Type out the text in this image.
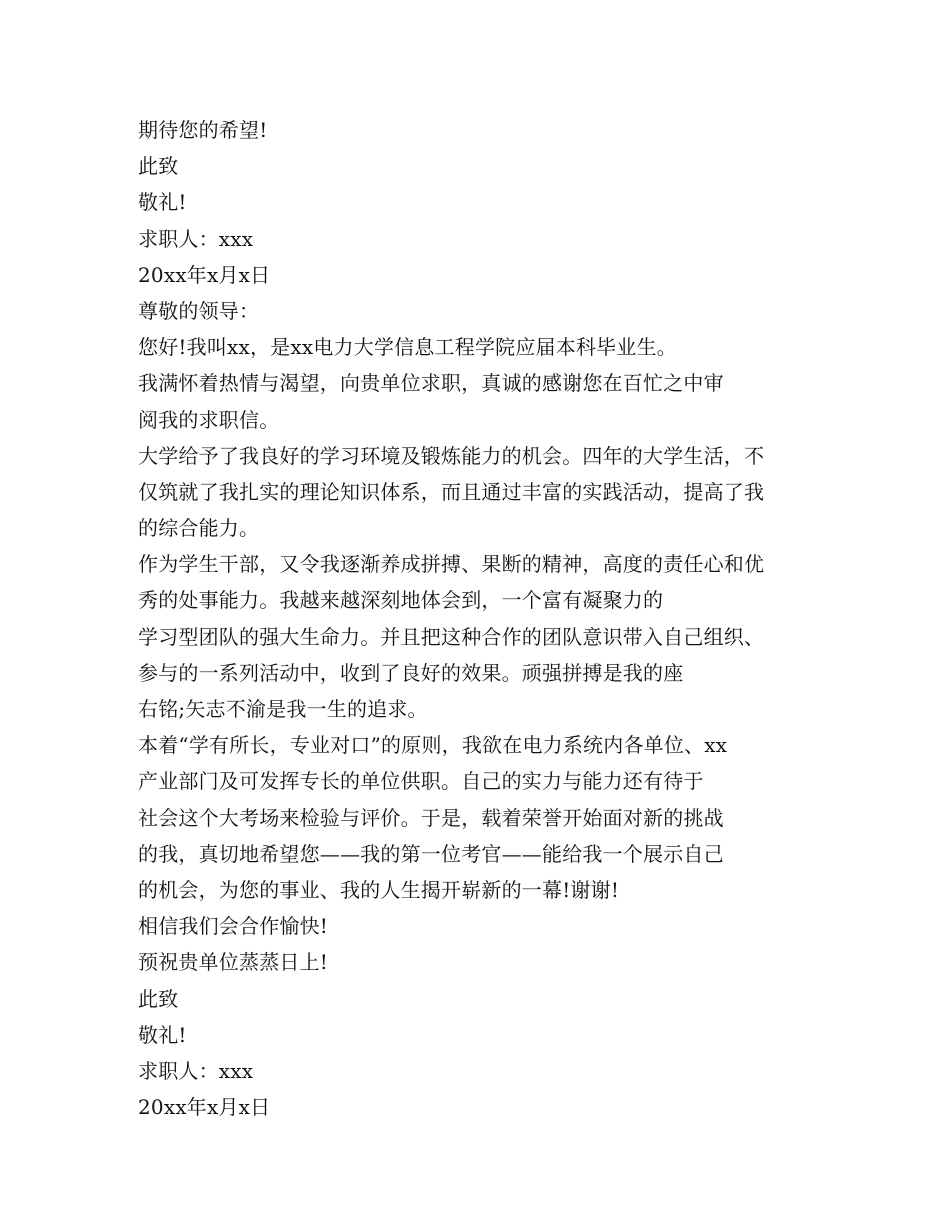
期待您的希望!
此致
敬礼!
求职人：xxx
20xx年x月x日
尊敬的领导：
您好!我叫xx，是xx电力大学信息工程学院应届本科毕业生。
我满怀着热情与渴望，向贵单位求职，真诚的感谢您在百忙之中审
阅我的求职信。
大学给予了我良好的学习环境及锻炼能力的机会。四年的大学生活，不
仅筑就了我扎实的理论知识体系，而且通过丰富的实践活动，提高了我
的综合能力。
作为学生干部，又令我逐渐养成拼搏、果断的精神，高度的责任心和优
秀的处事能力。我越来越深刻地体会到，一个富有凝聚力的
学习型团队的强大生命力。并且把这种合作的团队意识带入自己组织、
参与的一系列活动中，收到了良好的效果。顽强拼搏是我的座
右铭;矢志不渝是我一生的追求。
本着“学有所长，专业对口”的原则，我欲在电力系统内各单位、xx
产业部门及可发挥专长的单位供职。自己的实力与能力还有待于
社会这个大考场来检验与评价。于是，载着荣誉开始面对新的挑战
的我，真切地希望您——我的第一位考官——能给我一个展示自己
的机会，为您的事业、我的人生揭开崭新的一幕!谢谢!
相信我们会合作愉快!
预祝贵单位蒸蒸日上!
此致
敬礼!
求职人：xxx
20xx年x月x日
